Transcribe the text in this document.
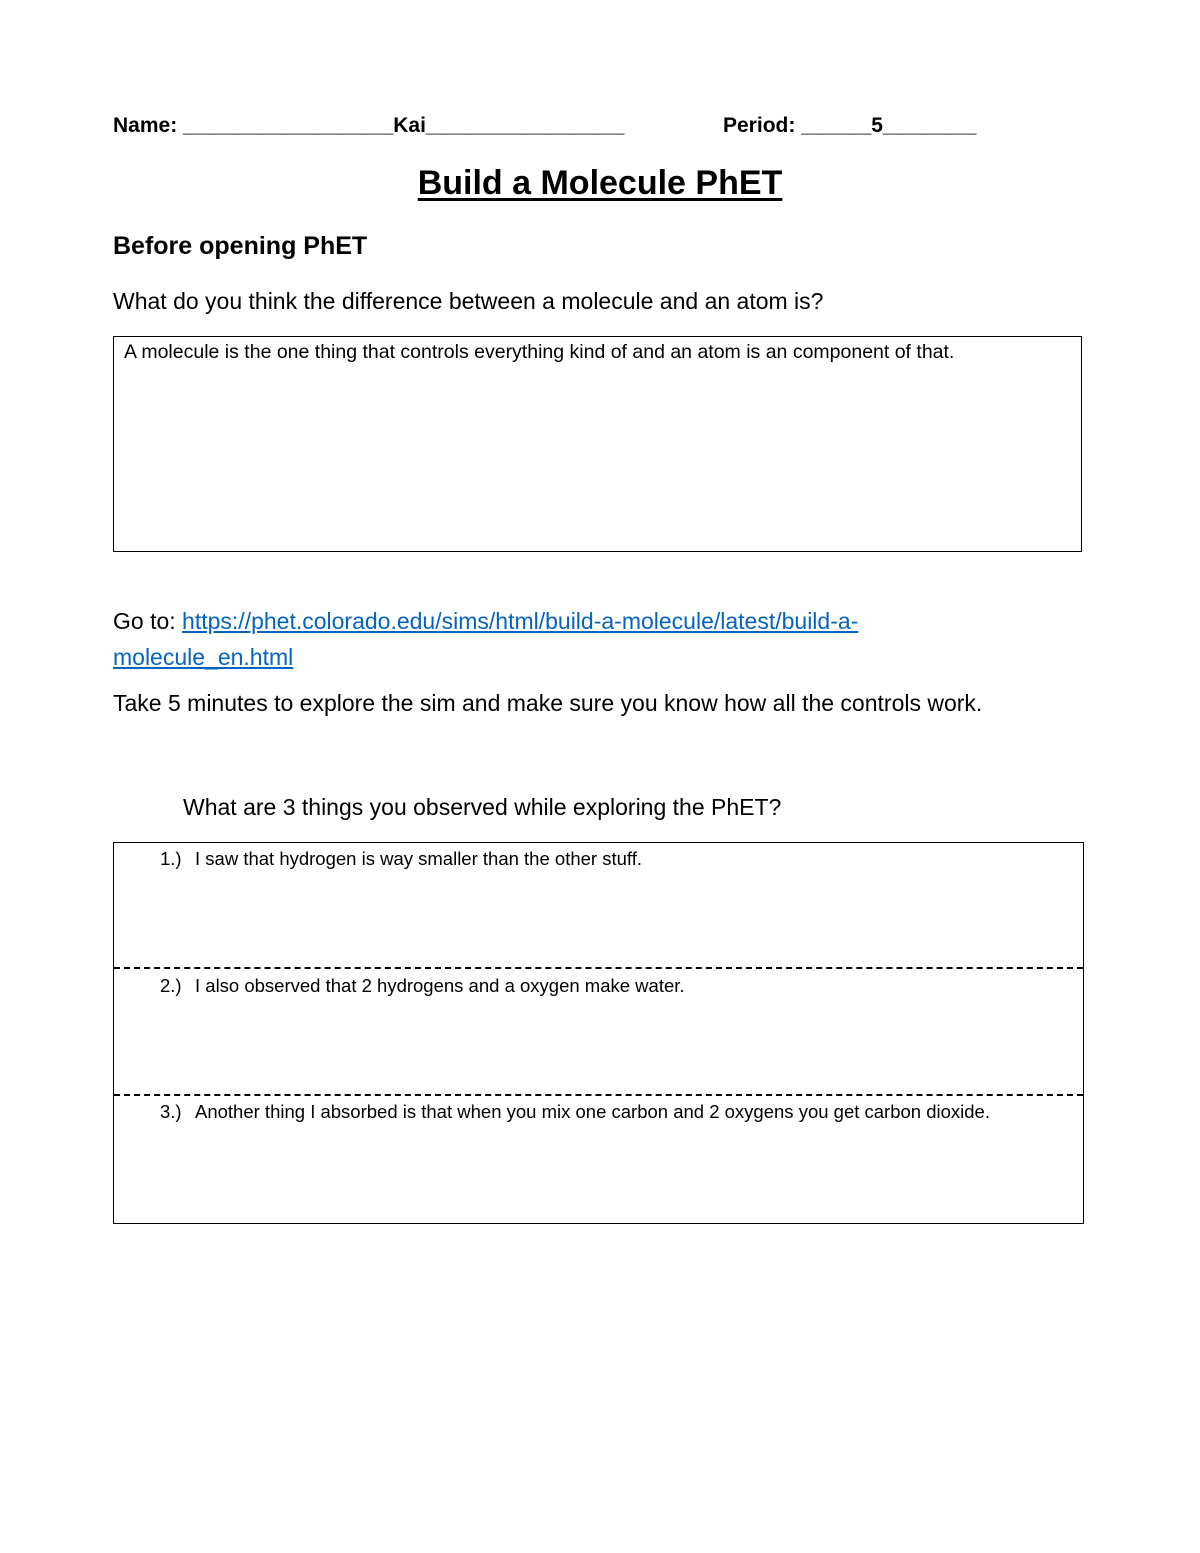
Name: __________________Kai_________________	Period: ______5________
Build a Molecule PhET
Before opening PhET
What do you think the difference between a molecule and an atom is?
A molecule is the one thing that controls everything kind of and an atom is an component of that.
Go to: https://phet.colorado.edu/sims/html/build-a-molecule/latest/build-a-molecule_en.html
Take 5 minutes to explore the sim and make sure you know how all the controls work.
What are 3 things you observed while exploring the PhET?
1.) I saw that hydrogen is way smaller than the other stuff.
2.) I also observed that 2 hydrogens and a oxygen make water.
3.) Another thing I absorbed is that when you mix one carbon and 2 oxygens you get carbon dioxide.
